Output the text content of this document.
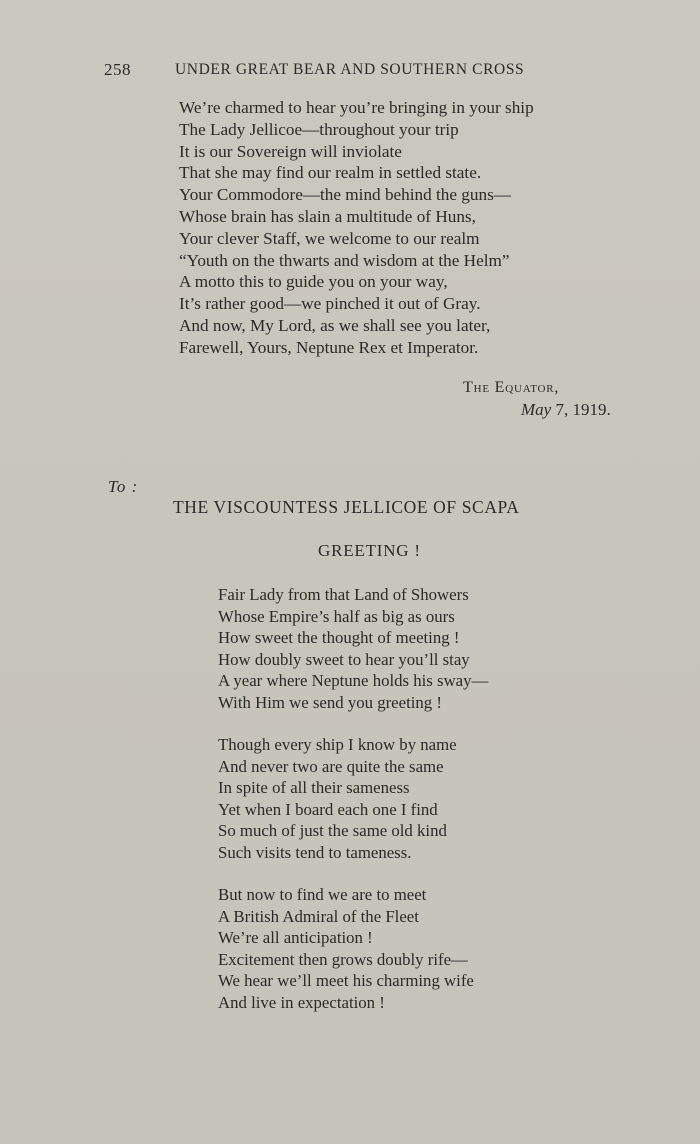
258	UNDER GREAT BEAR AND SOUTHERN CROSS
We’re charmed to hear you’re bringing in your ship
The Lady Jellicoe—throughout your trip
It is our Sovereign will inviolate
That she may find our realm in settled state.
Your Commodore—the mind behind the guns—
Whose brain has slain a multitude of Huns,
Your clever Staff, we welcome to our realm
“Youth on the thwarts and wisdom at the Helm”
A motto this to guide you on your way,
It’s rather good—we pinched it out of Gray.
And now, My Lord, as we shall see you later,
Farewell, Yours, Neptune Rex et Imperator.
The Equator,
May 7, 1919.
To :
THE VISCOUNTESS JELLICOE OF SCAPA
GREETING !
Fair Lady from that Land of Showers
Whose Empire’s half as big as ours
How sweet the thought of meeting !
How doubly sweet to hear you’ll stay
A year where Neptune holds his sway—
With Him we send you greeting !
Though every ship I know by name
And never two are quite the same
In spite of all their sameness
Yet when I board each one I find
So much of just the same old kind
Such visits tend to tameness.
But now to find we are to meet
A British Admiral of the Fleet
We’re all anticipation !
Excitement then grows doubly rife—
We hear we’ll meet his charming wife
And live in expectation !
